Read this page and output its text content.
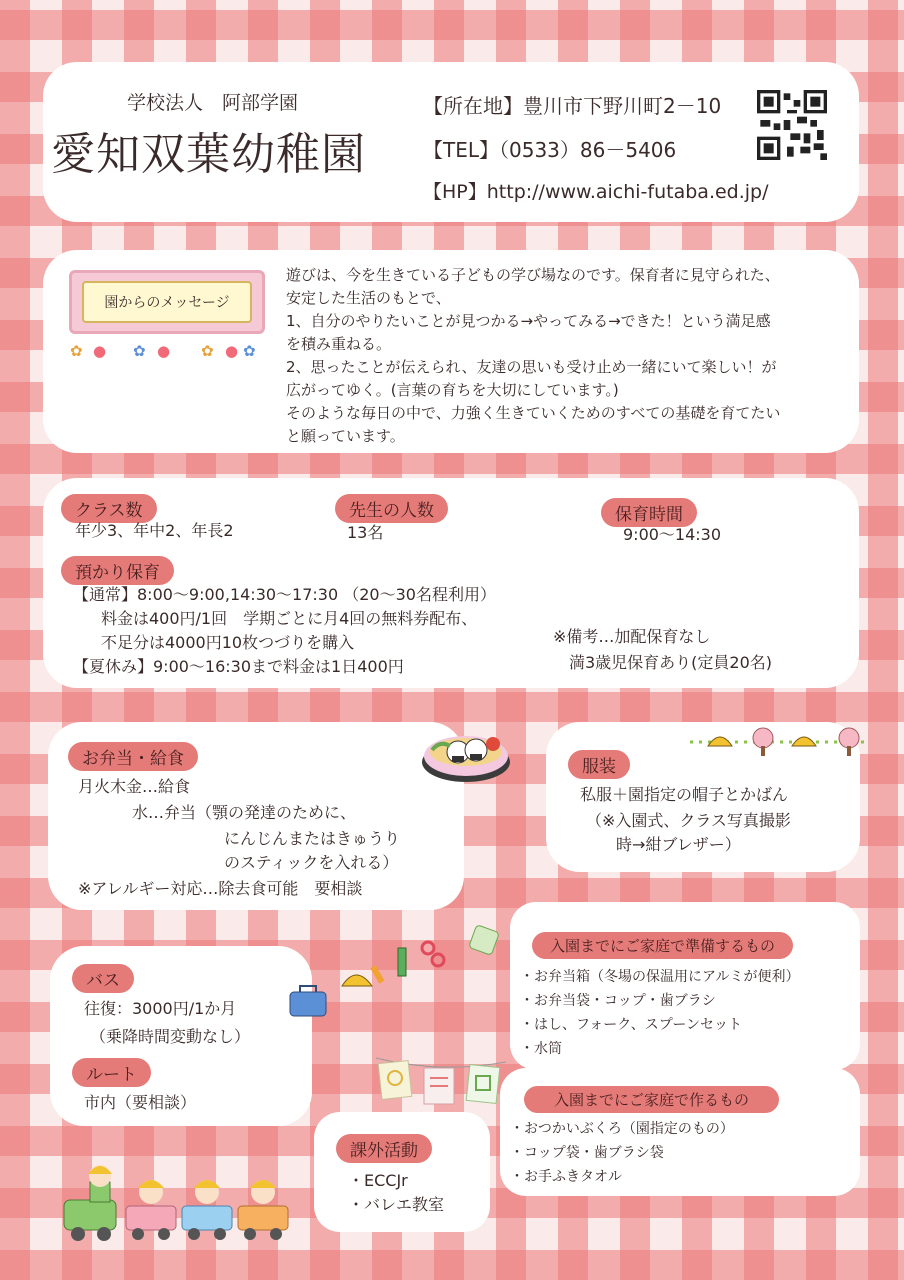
学校法人　阿部学園
愛知双葉幼稚園
【所在地】豊川市下野川町2－10
【TEL】（0533）86－5406
【HP】http://www.aichi-futaba.ed.jp/
園からのメッセージ
✿ ● ✿ ● ✿ ● ✿

遊びは、今を生きている子どもの学び場なのです。保育者に見守られた、

安定した生活のもとで、

1、自分のやりたいことが見つかる→やってみる→できた！という満足感

を積み重ねる。

2、思ったことが伝えられ、友達の思いも受け止め一緒にいて楽しい！が

広がってゆく。(言葉の育ちを大切にしています。)

そのような毎日の中で、力強く生きていくためのすべての基礎を育てたい

と願っています。

クラス数
年少3、年中2、年長2
先生の人数
13名
保育時間
9:00～14:30
預かり保育
【通常】8:00～9:00,14:30～17:30 （20～30名程利用）
料金は400円/1回　学期ごとに月4回の無料券配布、
不足分は4000円10枚つづりを購入
【夏休み】9:00～16:30まで料金は1日400円
※備考…加配保育なし
満3歳児保育あり(定員20名)
お弁当・給食
月火木金…給食
水…弁当（顎の発達のために、
にんじんまたはきゅうり
のスティックを入れる）
※アレルギー対応…除去食可能　要相談
服装
私服＋園指定の帽子とかばん
（※入園式、クラス写真撮影
時→紺ブレザー）
入園までにご家庭で準備するもの
・お弁当箱（冬場の保温用にアルミが便利）
・お弁当袋・コップ・歯ブラシ
・はし、フォーク、スプーンセット
・水筒
入園までにご家庭で作るもの
・おつかいぶくろ（園指定のもの）
・コップ袋・歯ブラシ袋
・お手ふきタオル
バス
往復：3000円/1か月
（乗降時間変動なし）
ルート
市内（要相談）
課外活動
・ECCJr
・バレエ教室
